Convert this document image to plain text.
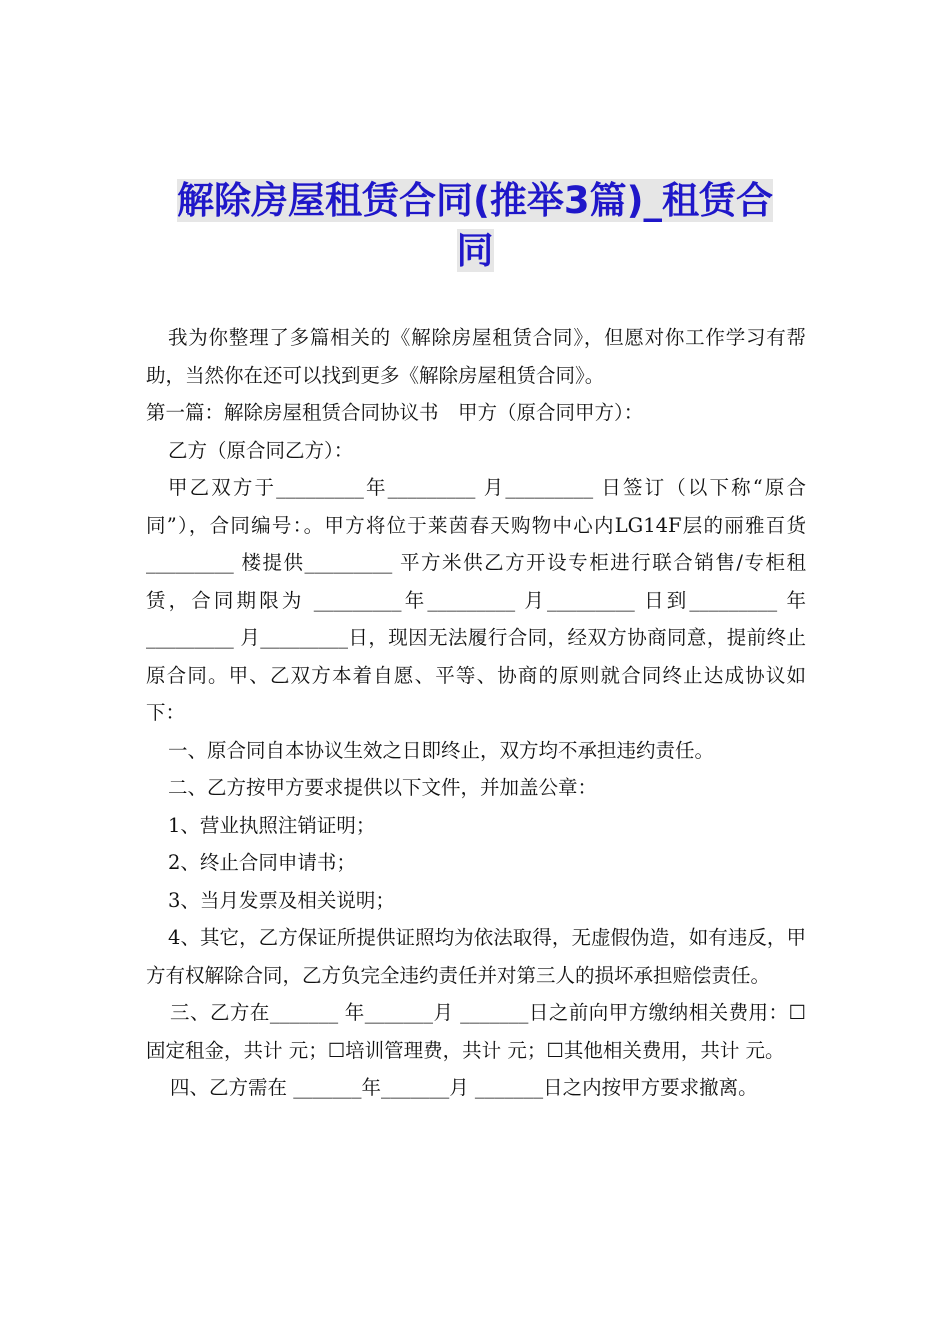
解除房屋租赁合同(推举3篇)_租赁合
同

我为你整理了多篇相关的《解除房屋租赁合同》，但愿对你工作学习有帮助，当然你在还可以找到更多《解除房屋租赁合同》。

第一篇：解除房屋租赁合同协议书　甲方（原合同甲方）：

乙方（原合同乙方）：

甲乙双方于_________年_________ 月_________ 日签订（以下称“原合同”），合同编号：。甲方将位于莱茵春天购物中心内LG14F层的丽雅百货_________ 楼提供_________ 平方米供乙方开设专柜进行联合销售/专柜租赁，合同期限为 _________年_________ 月_________ 日到_________ 年_________ 月_________日，现因无法履行合同，经双方协商同意，提前终止原合同。甲、乙双方本着自愿、平等、协商的原则就合同终止达成协议如下：

一、原合同自本协议生效之日即终止，双方均不承担违约责任。

二、乙方按甲方要求提供以下文件，并加盖公章：

1、营业执照注销证明；

2、终止合同申请书；

3、当月发票及相关说明；

4、其它，乙方保证所提供证照均为依法取得，无虚假伪造，如有违反，甲方有权解除合同，乙方负完全违约责任并对第三人的损坏承担赔偿责任。

三、乙方在_______ 年_______月 _______日之前向甲方缴纳相关费用：☐固定租金，共计 元；☐培训管理费，共计 元；☐其他相关费用，共计 元。

四、乙方需在 _______年_______月 _______日之内按甲方要求撤离。
